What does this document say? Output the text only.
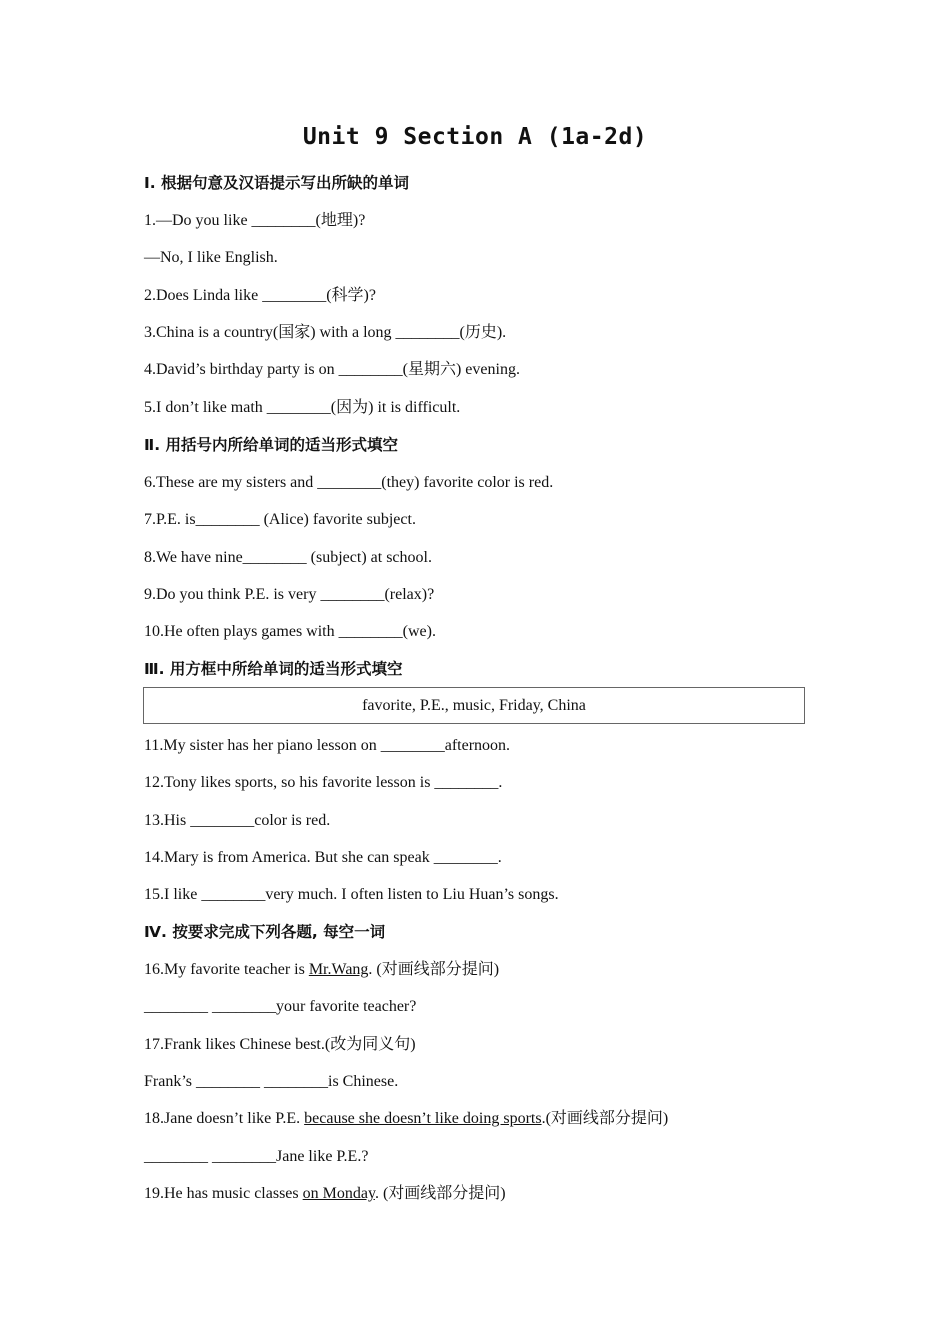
Unit 9 Section A (1a-2d)
Ⅰ. 根据句意及汉语提示写出所缺的单词
1.—Do you like ________(地理)?
—No, I like English.
2.Does Linda like ________(科学)?
3.China is a country(国家) with a long ________(历史).
4.David’s birthday party is on ________(星期六) evening.
5.I don’t like math ________(因为) it is difficult.
Ⅱ. 用括号内所给单词的适当形式填空
6.These are my sisters and ________(they) favorite color is red.
7.P.E. is________ (Alice) favorite subject.
8.We have nine________ (subject) at school.
9.Do you think P.E. is very ________(relax)?
10.He often plays games with ________(we).
Ⅲ. 用方框中所给单词的适当形式填空
favorite, P.E., music, Friday, China
11.My sister has her piano lesson on ________afternoon.
12.Tony likes sports, so his favorite lesson is ________.
13.His ________color is red.
14.Mary is from America. But she can speak ________.
15.I like ________very much. I often listen to Liu Huan’s songs.
Ⅳ. 按要求完成下列各题, 每空一词
16.My favorite teacher is Mr.Wang. (对画线部分提问)
________ ________your favorite teacher?
17.Frank likes Chinese best.(改为同义句)
Frank’s ________ ________is Chinese.
18.Jane doesn’t like P.E. because she doesn’t like doing sports.(对画线部分提问)
________ ________Jane like P.E.?
19.He has music classes on Monday. (对画线部分提问)
